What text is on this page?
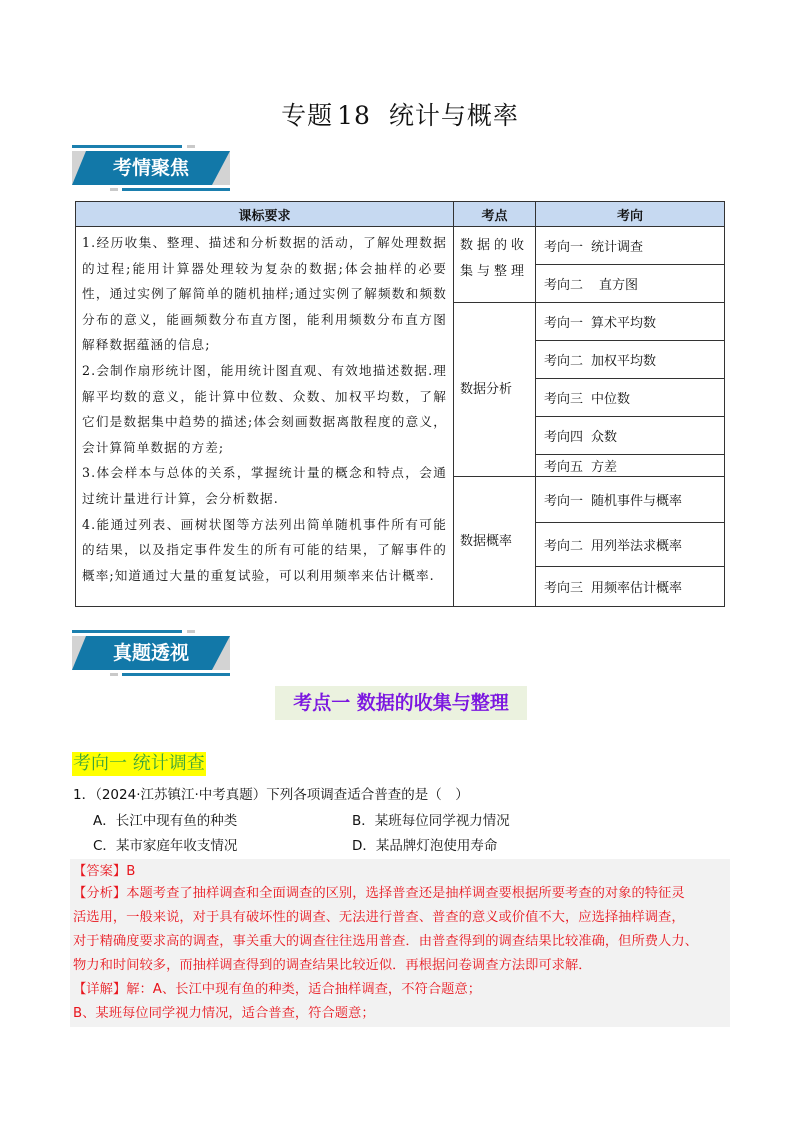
专题 18 统计与概率
考情聚焦
课标要求	考点	考向

1.经历收集、整理、描述和分析数据的活动，了解处理数据的过程;能用计算器处理较为复杂的数据;体会抽样的必要性，通过实例了解简单的随机抽样;通过实例了解频数和频数分布的意义，能画频数分布直方图，能利用频数分布直方图解释数据蕴涵的信息;
2.会制作扇形统计图，能用统计图直观、有效地描述数据.理解平均数的意义，能计算中位数、众数、加权平均数，了解它们是数据集中趋势的描述;体会刻画数据离散程度的意义，会计算简单数据的方差;
3.体会样本与总体的关系，掌握统计量的概念和特点，会通过统计量进行计算，会分析数据.
4.能通过列表、画树状图等方法列出简单随机事件所有可能的结果，以及指定事件发生的所有可能的结果，了解事件的概率;知道通过大量的重复试验，可以利用频率来估计概率.	数据的收集与整理	考向一 统计调查
		考向二 直方图
	数据分析	考向一 算术平均数
		考向二 加权平均数
		考向三 中位数
		考向四 众数
		考向五 方差
	数据概率	考向一 随机事件与概率
		考向二 用列举法求概率
		考向三 用频率估计概率
真题透视
考点一 数据的收集与整理
考向一 统计调查
1．（2024·江苏镇江·中考真题）下列各项调查适合普查的是（　）
A．长江中现有鱼的种类	B．某班每位同学视力情况
C．某市家庭年收支情况	D．某品牌灯泡使用寿命
【答案】B
【分析】本题考查了抽样调查和全面调查的区别，选择普查还是抽样调查要根据所要考查的对象的特征灵
活选用，一般来说，对于具有破坏性的调查、无法进行普查、普查的意义或价值不大，应选择抽样调查，
对于精确度要求高的调查，事关重大的调查往往选用普查．由普查得到的调查结果比较准确，但所费人力、
物力和时间较多，而抽样调查得到的调查结果比较近似．再根据问卷调查方法即可求解．
【详解】解：A、长江中现有鱼的种类，适合抽样调查，不符合题意；
B、某班每位同学视力情况，适合普查，符合题意；
